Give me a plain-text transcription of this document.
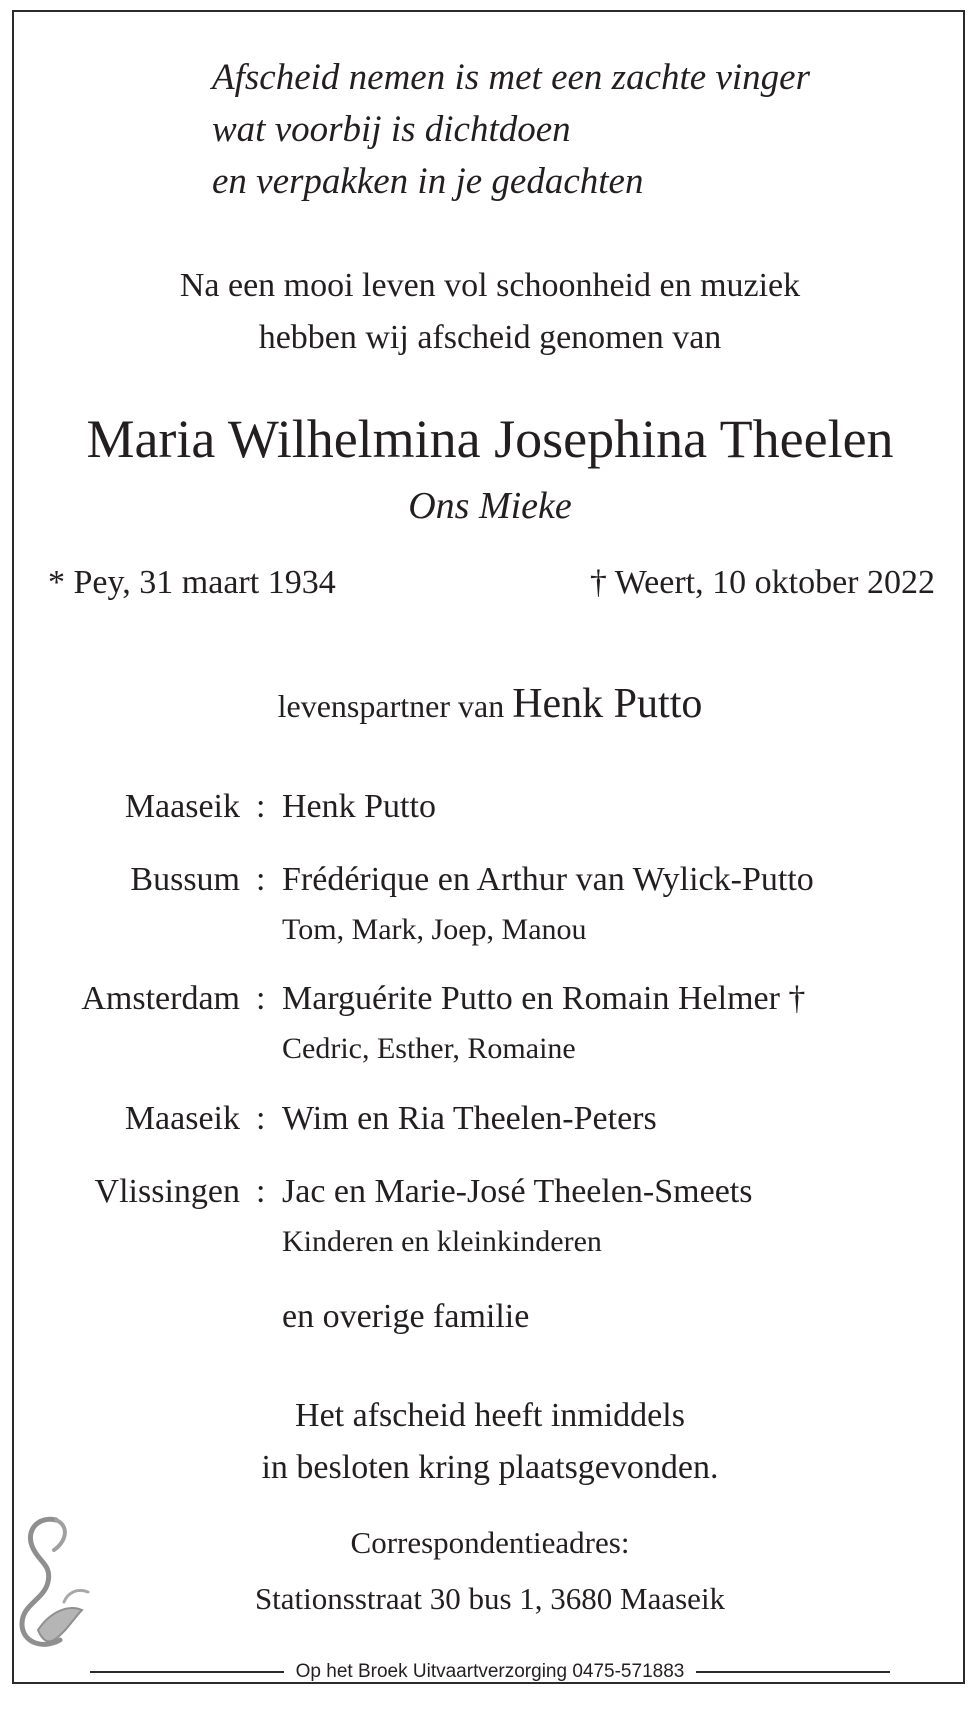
Afscheid nemen is met een zachte vinger
wat voorbij is dichtdoen
en verpakken in je gedachten
Na een mooi leven vol schoonheid en muziek
hebben wij afscheid genomen van
Maria Wilhelmina Josephina Theelen
Ons Mieke
* Pey, 31 maart 1934	† Weert, 10 oktober 2022
levenspartner van Henk Putto
Maaseik : Henk Putto
Bussum : Frédérique en Arthur van Wylick-Putto
Tom, Mark, Joep, Manou
Amsterdam : Marguérite Putto en Romain Helmer †
Cedric, Esther, Romaine
Maaseik : Wim en Ria Theelen-Peters
Vlissingen : Jac en Marie-José Theelen-Smeets
Kinderen en kleinkinderen
en overige familie
Het afscheid heeft inmiddels
in besloten kring plaatsgevonden.
Correspondentieadres:
Stationsstraat 30 bus 1, 3680 Maaseik
Op het Broek Uitvaartverzorging 0475-571883
